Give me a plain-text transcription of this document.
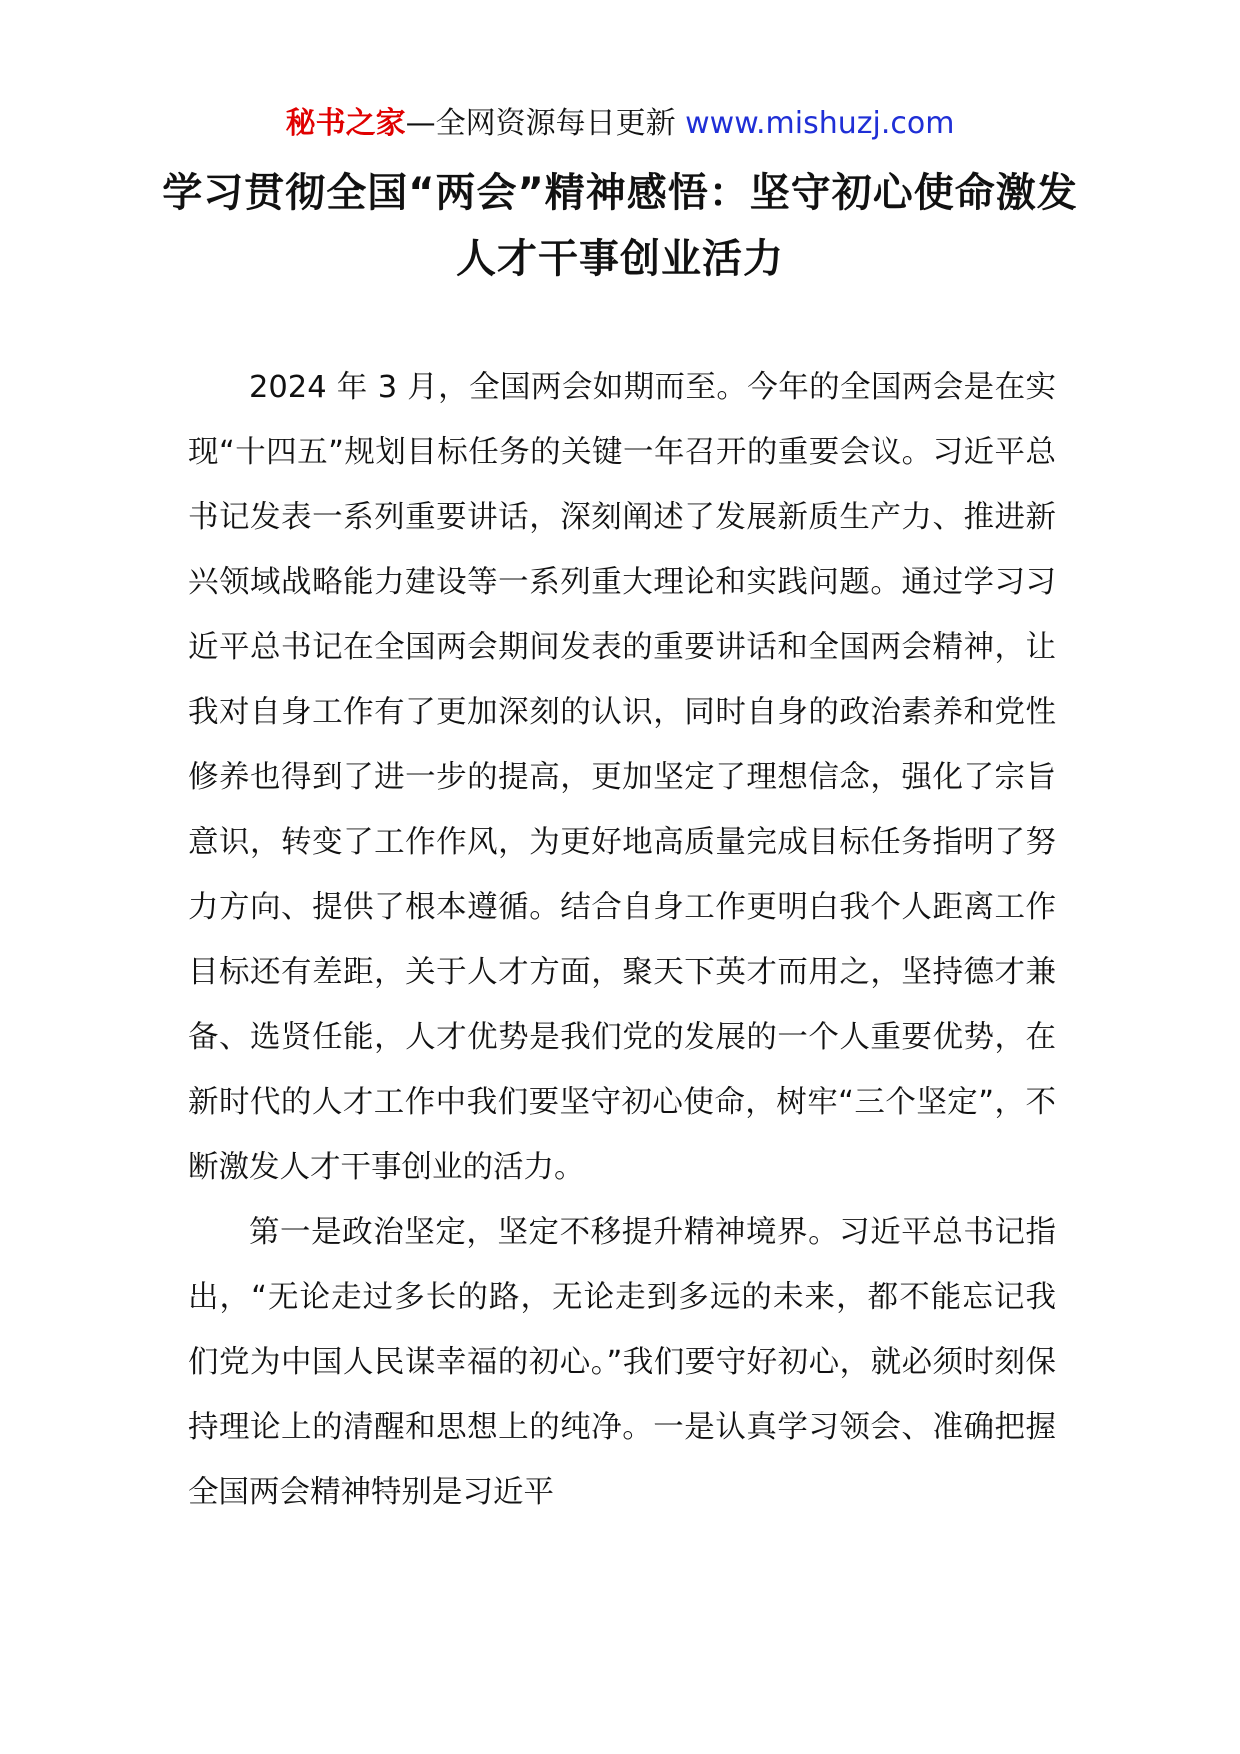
秘书之家—全网资源每日更新 www.mishuzj.com
学习贯彻全国“两会”精神感悟：坚守初心使命激发人才干事创业活力

2024 年 3 月，全国两会如期而至。今年的全国两会是在实现“十四五”规划目标任务的关键一年召开的重要会议。习近平总书记发表一系列重要讲话，深刻阐述了发展新质生产力、推进新兴领域战略能力建设等一系列重大理论和实践问题。通过学习习近平总书记在全国两会期间发表的重要讲话和全国两会精神，让我对自身工作有了更加深刻的认识，同时自身的政治素养和党性修养也得到了进一步的提高，更加坚定了理想信念，强化了宗旨意识，转变了工作作风，为更好地高质量完成目标任务指明了努力方向、提供了根本遵循。结合自身工作更明白我个人距离工作目标还有差距，关于人才方面，聚天下英才而用之，坚持德才兼备、选贤任能，人才优势是我们党的发展的一个人重要优势，在新时代的人才工作中我们要坚守初心使命，树牢“三个坚定”，不断激发人才干事创业的活力。

第一是政治坚定，坚定不移提升精神境界。习近平总书记指出，“无论走过多长的路，无论走到多远的未来，都不能忘记我们党为中国人民谋幸福的初心。”我们要守好初心，就必须时刻保持理论上的清醒和思想上的纯净。一是认真学习领会、准确把握全国两会精神特别是习近平
